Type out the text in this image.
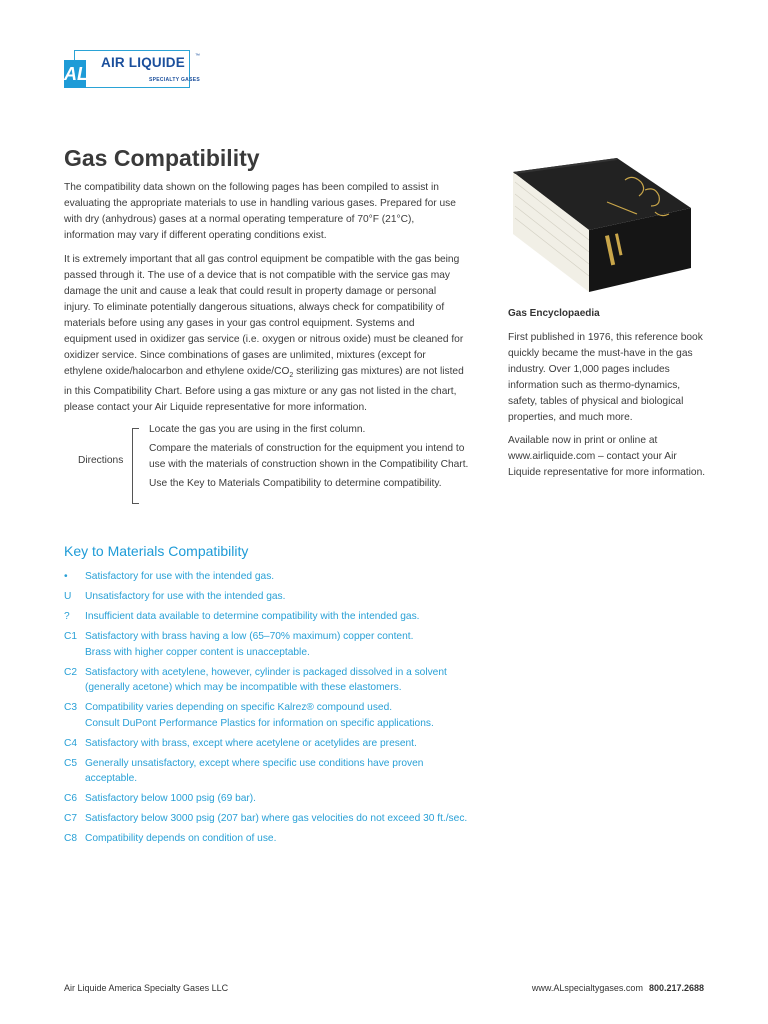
AIR LIQUIDE ™
SPECIALTY GASES
AL
Gas Compatibility

The compatibility data shown on the following pages has been compiled to assist in evaluating the appropriate materials to use in handling various gases. Prepared for use with dry (anhydrous) gases at a normal operating temperature of 70°F (21°C), information may vary if different operating conditions exist.

It is extremely important that all gas control equipment be compatible with the gas being passed through it. The use of a device that is not compatible with the service gas may damage the unit and cause a leak that could result in property damage or personal injury. To eliminate potentially dangerous situations, always check for compatibility of materials before using any gases in your gas control equipment. Systems and equipment used in oxidizer gas service (i.e. oxygen or nitrous oxide) must be cleaned for oxidizer service. Since combinations of gases are unlimited, mixtures (except for ethylene oxide/halocarbon and ethylene oxide/$CO_2$ sterilizing gas mixtures) are not listed in this Compatibility Chart. Before using a gas mixture or any gas not listed in the chart, please contact your Air Liquide representative for more information.

Directions
Locate the gas you are using in the first column.
Compare the materials of construction for the equipment you intend to use with the materials of construction shown in the Compatibility Chart.
Use the Key to Materials Compatibility to determine compatibility.
Gas Encyclopaedia

First published in 1976, this reference book quickly became the must-have in the gas industry. Over 1,000 pages includes information such as thermo-dynamics, safety, tables of physical and biological properties, and much more.

Available now in print or online at www.airliquide.com – contact your Air Liquide representative for more information.

Key to Materials Compatibility
•	Satisfactory for use with the intended gas.
U	Unsatisfactory for use with the intended gas.
?	Insufficient data available to determine compatibility with the intended gas.
C1 Satisfactory with brass having a low (65–70% maximum) copper content.
Brass with higher copper content is unacceptable.
C2 Satisfactory with acetylene, however, cylinder is packaged dissolved in a solvent
(generally acetone) which may be incompatible with these elastomers.
C3 Compatibility varies depending on specific Kalrez® compound used.
Consult DuPont Performance Plastics for information on specific applications.
C4 Satisfactory with brass, except where acetylene or acetylides are present.
C5 Generally unsatisfactory, except where specific use conditions have proven
acceptable.
C6 Satisfactory below 1000 psig (69 bar).
C7 Satisfactory below 3000 psig (207 bar) where gas velocities do not exceed 30 ft./sec.
C8 Compatibility depends on condition of use.
Air Liquide America Specialty Gases LLC	www.ALspecialtygases.com 800.217.2688
